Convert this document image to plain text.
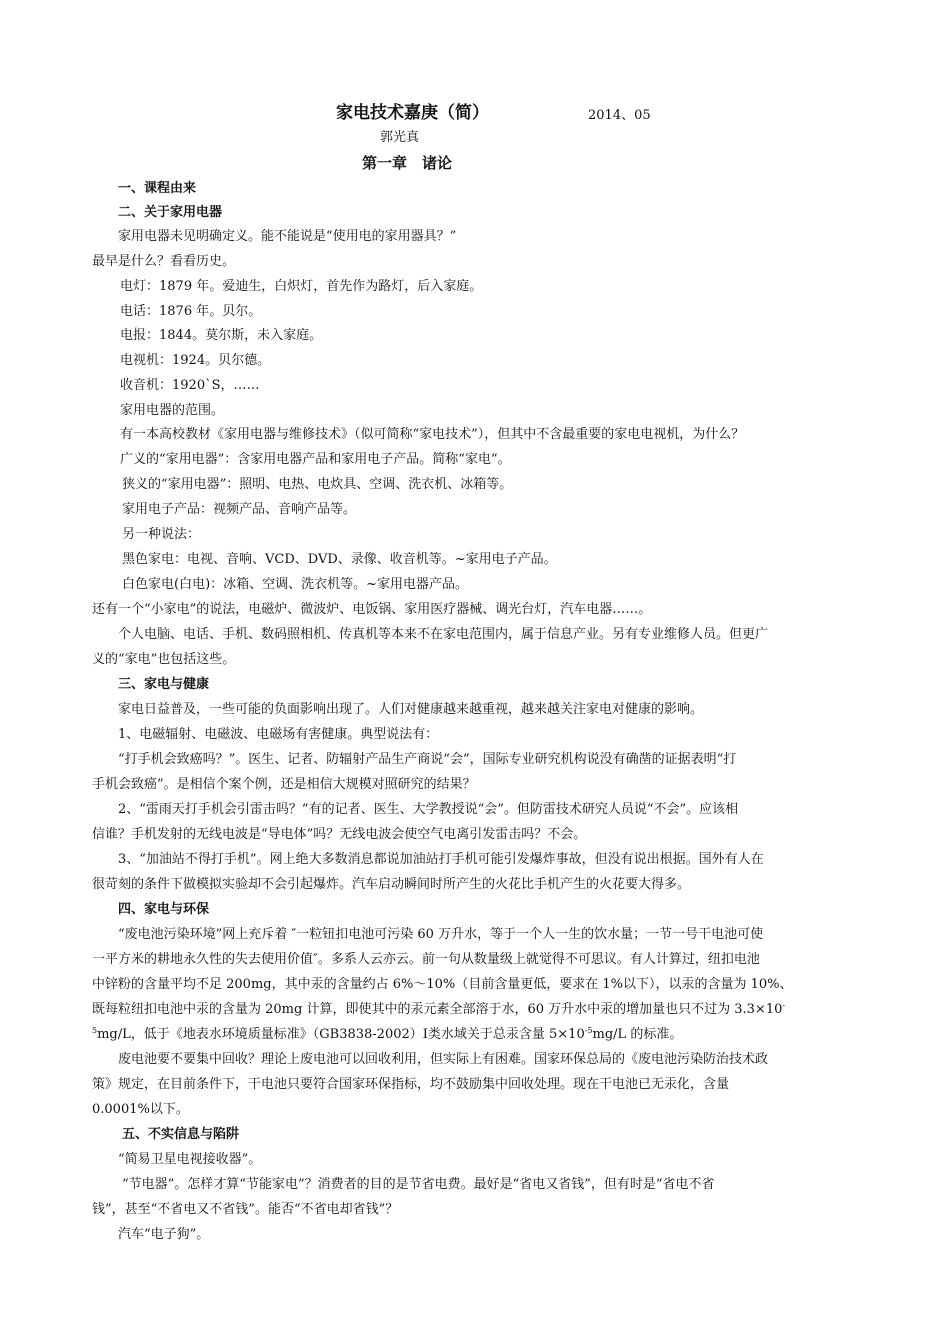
家电技术嘉庚（简）	2014、05
郭光真
第一章　诸论
一、课程由来
二、关于家用电器
家用电器未见明确定义。能不能说是“使用电的家用器具？”
最早是什么？看看历史。
电灯：1879 年。爱迪生，白炽灯，首先作为路灯，后入家庭。
电话：1876 年。贝尔。
电报：1844。莫尔斯，未入家庭。
电视机：1924。贝尔德。
收音机：1920`S，……
家用电器的范围。
有一本高校教材《家用电器与维修技术》（似可简称“家电技术”），但其中不含最重要的家电电视机，为什么？
广义的“家用电器”：含家用电器产品和家用电子产品。简称“家电”。
狭义的“家用电器”：照明、电热、电炊具、空调、洗衣机、冰箱等。
家用电子产品：视频产品、音响产品等。
另一种说法：
黑色家电：电视、音响、VCD、DVD、录像、收音机等。~家用电子产品。
白色家电(白电)：冰箱、空调、洗衣机等。~家用电器产品。
还有一个“小家电”的说法，电磁炉、微波炉、电饭锅、家用医疗器械、调光台灯，汽车电器……。
个人电脑、电话、手机、数码照相机、传真机等本来不在家电范围内，属于信息产业。另有专业维修人员。但更广
义的“家电”也包括这些。
三、家电与健康
家电日益普及，一些可能的负面影响出现了。人们对健康越来越重视，越来越关注家电对健康的影响。
1、电磁辐射、电磁波、电磁场有害健康。典型说法有：
“打手机会致癌吗？”。医生、记者、防辐射产品生产商说“会”，国际专业研究机构说没有确凿的证据表明“打
手机会致癌”。是相信个案个例，还是相信大规模对照研究的结果？
2、“雷雨天打手机会引雷击吗？”有的记者、医生、大学教授说“会”。但防雷技术研究人员说“不会”。应该相
信谁？手机发射的无线电波是“导电体”吗？无线电波会使空气电离引发雷击吗？不会。
3、“加油站不得打手机”。网上绝大多数消息都说加油站打手机可能引发爆炸事故，但没有说出根据。国外有人在
很苛刻的条件下做模拟实验却不会引起爆炸。汽车启动瞬间时所产生的火花比手机产生的火花要大得多。
四、家电与环保
“废电池污染环境”网上充斥着 ″一粒钮扣电池可污染 60 万升水，等于一个人一生的饮水量；一节一号干电池可使
一平方米的耕地永久性的失去使用价值″。多系人云亦云。前一句从数量级上就觉得不可思议。有人计算过，纽扣电池
中锌粉的含量平均不足 200mg，其中汞的含量约占 6%～10%（目前含量更低，要求在 1%以下），以汞的含量为 10%、
既每粒纽扣电池中汞的含量为 20mg 计算，即使其中的汞元素全部溶于水，60 万升水中汞的增加量也只不过为 3.3×10-
$^5$mg/L，低于《地表水环境质量标准》（GB3838-2002）Ⅰ类水域关于总汞含量 $5\times 10^{-5}mg/L$ 的标准。
废电池要不要集中回收？理论上废电池可以回收利用，但实际上有困难。国家环保总局的《废电池污染防治技术政
策》规定，在目前条件下，干电池只要符合国家环保指标，均不鼓励集中回收处理。现在干电池已无汞化，含量
0.0001%以下。
五、不实信息与陷阱
“简易卫星电视接收器”。
“节电器”。怎样才算“节能家电”？消费者的目的是节省电费。最好是“省电又省钱”，但有时是“省电不省
钱”，甚至“不省电又不省钱”。能否“不省电却省钱”？
汽车“电子狗”。
